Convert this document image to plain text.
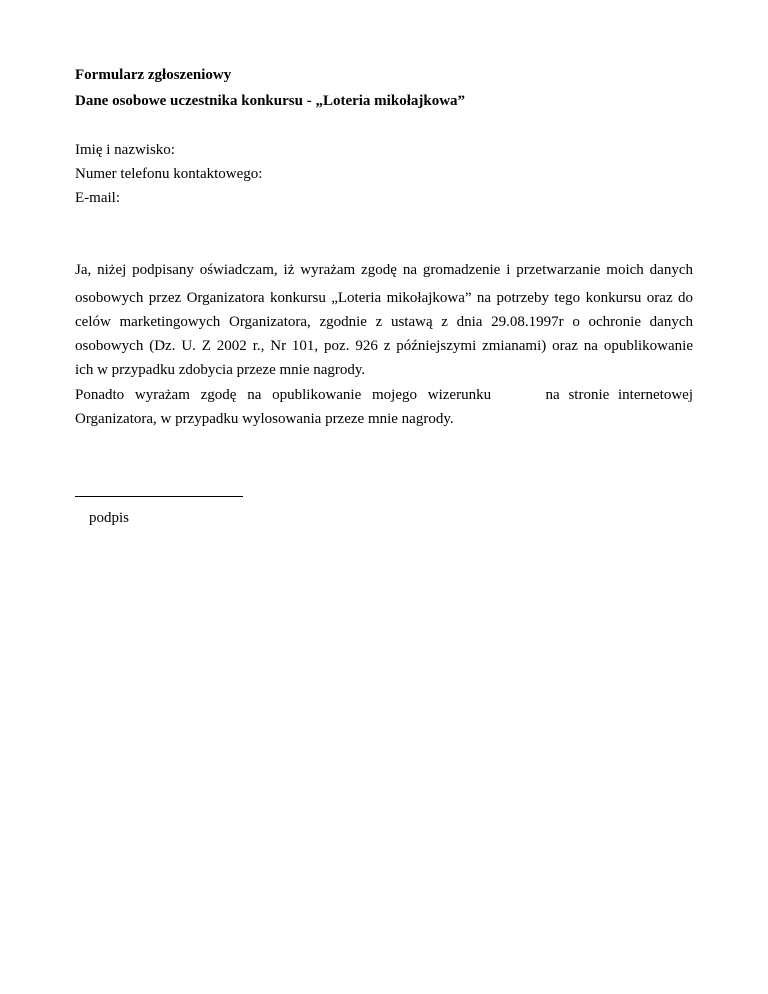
Formularz zgłoszeniowy
Dane osobowe uczestnika konkursu - „Loteria mikołajkowa”
Imię i nazwisko:
Numer telefonu kontaktowego:
E-mail:
Ja, niżej podpisany oświadczam, iż wyrażam zgodę na gromadzenie i przetwarzanie moich danych
osobowych przez Organizatora konkursu „Loteria mikołajkowa” na potrzeby tego konkursu oraz do
celów marketingowych Organizatora, zgodnie z ustawą z dnia 29.08.1997r o ochronie danych
osobowych (Dz. U. Z 2002 r., Nr 101, poz. 926 z późniejszymi zmianami) oraz na opublikowanie
ich w przypadku zdobycia przeze mnie nagrody.
Ponadto wyrażam zgodę na opublikowanie mojego wizerunku	na stronie internetowej
Organizatora, w przypadku wylosowania przeze mnie nagrody.
podpis
